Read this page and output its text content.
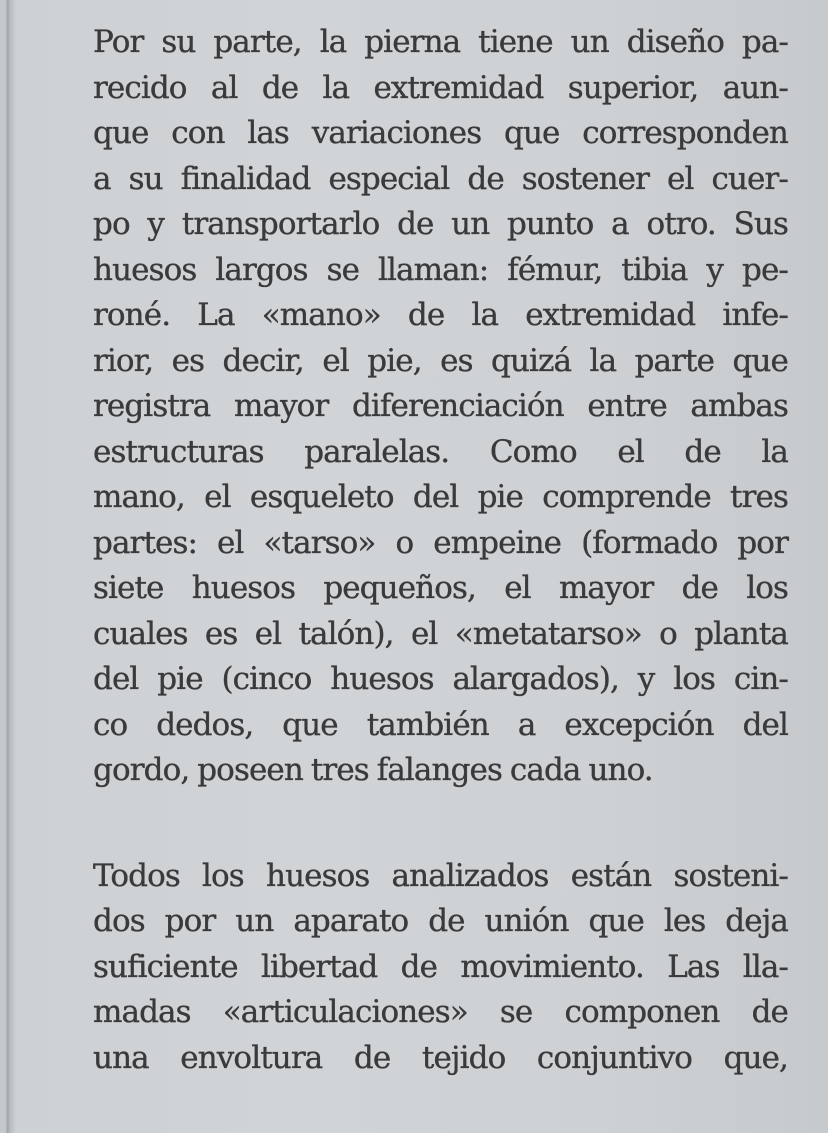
Por su parte, la pierna tiene un diseño pa-
recido al de la extremidad superior, aun-
que con las variaciones que corresponden
a su finalidad especial de sostener el cuer-
po y transportarlo de un punto a otro. Sus
huesos largos se llaman: fémur, tibia y pe-
roné. La «mano» de la extremidad infe-
rior, es decir, el pie, es quizá la parte que
registra mayor diferenciación entre ambas
estructuras paralelas. Como el de la
mano, el esqueleto del pie comprende tres
partes: el «tarso» o empeine (formado por
siete huesos pequeños, el mayor de los
cuales es el talón), el «metatarso» o planta
del pie (cinco huesos alargados), y los cin-
co dedos, que también a excepción del
gordo, poseen tres falanges cada uno.
Todos los huesos analizados están sosteni-
dos por un aparato de unión que les deja
suficiente libertad de movimiento. Las lla-
madas «articulaciones» se componen de
una envoltura de tejido conjuntivo que,
